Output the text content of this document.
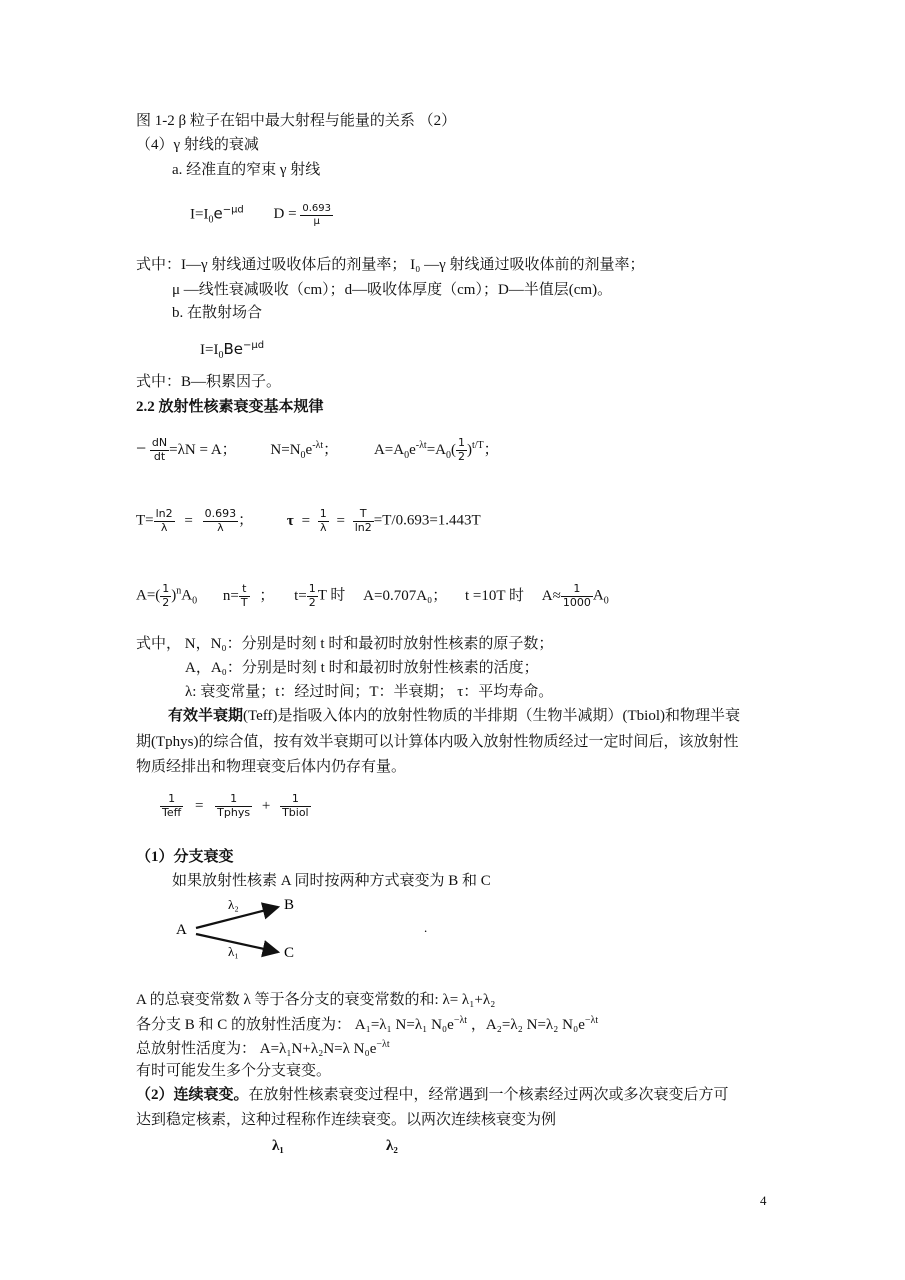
图 1-2 β 粒子在铝中最大射程与能量的关系 （2）
（4）γ 射线的衰减
a. 经准直的窄束 γ 射线
$I=I_0e^{-\mu d}$ $D = \frac{0.693}{\mu}$
式中：I—γ 射线通过吸收体后的剂量率； I₀ —γ 射线通过吸收体前的剂量率；
μ —线性衰减吸收（cm）；d—吸收体厚度（cm）；D—半值层(cm)。
b. 在散射场合
$I=I_0Be^{-\mu d}$
式中：B—积累因子。
2.2 放射性核素衰变基本规律
− $\frac{dN}{dt} =\lambda N = A$； $N=N_0e^{-\lambda t}$； $A=A_0e^{-\lambda t}=A_0( \frac{1}{2} )^{t/T}$；
$T= \frac{\ln 2}{\lambda} = \frac{0.693}{\lambda}$ ； $\tau = \frac{1}{\lambda} = \frac{T}{\ln 2} =T/0.693=1.443T$
$A=( \frac{1}{2} )^nA_0$ $n= \frac{t}{T}$ ； $t= \frac{1}{2}$ T 时 A=0.707A₀； t =10T 时 $A\approx \frac{1}{1000} A_0$
式中， N，N₀：分别是时刻 t 时和最初时放射性核素的原子数；
A，A₀：分别是时刻 t 时和最初时放射性核素的活度；
λ: 衰变常量；t：经过时间；T：半衰期； τ：平均寿命。
有效半衰期(Teff)是指吸入体内的放射性物质的半排期（生物半减期）(Tbiol)和物理半衰
期(Tphys)的综合值，按有效半衰期可以计算体内吸入放射性物质经过一定时间后，该放射性
物质经排出和物理衰变后体内仍存有量。
$\frac{1}{\text{Teff}} = \frac{1}{\text{Tphys}} + \frac{1}{\text{Tbiol}}$
（1）分支衰变
如果放射性核素 A 同时按两种方式衰变为 B 和 C
A
B
C
λ₂
λ₁
.
A 的总衰变常数 λ 等于各分支的衰变常数的和: λ= λ₁+λ₂
各分支 B 和 C 的放射性活度为： A₁=λ₁ N=λ₁ $N_0e^{-\lambda t}$ ，A₂=λ₂ N=λ₂ $N_0e^{-\lambda t}$
总放射性活度为： A=λ₁N+λ₂N=λ $N_0e^{-\lambda t}$
有时可能发生多个分支衰变。
（2）连续衰变。在放射性核素衰变过程中，经常遇到一个核素经过两次或多次衰变后方可
达到稳定核素，这种过程称作连续衰变。以两次连续核衰变为例
λ₁	λ₂
4
